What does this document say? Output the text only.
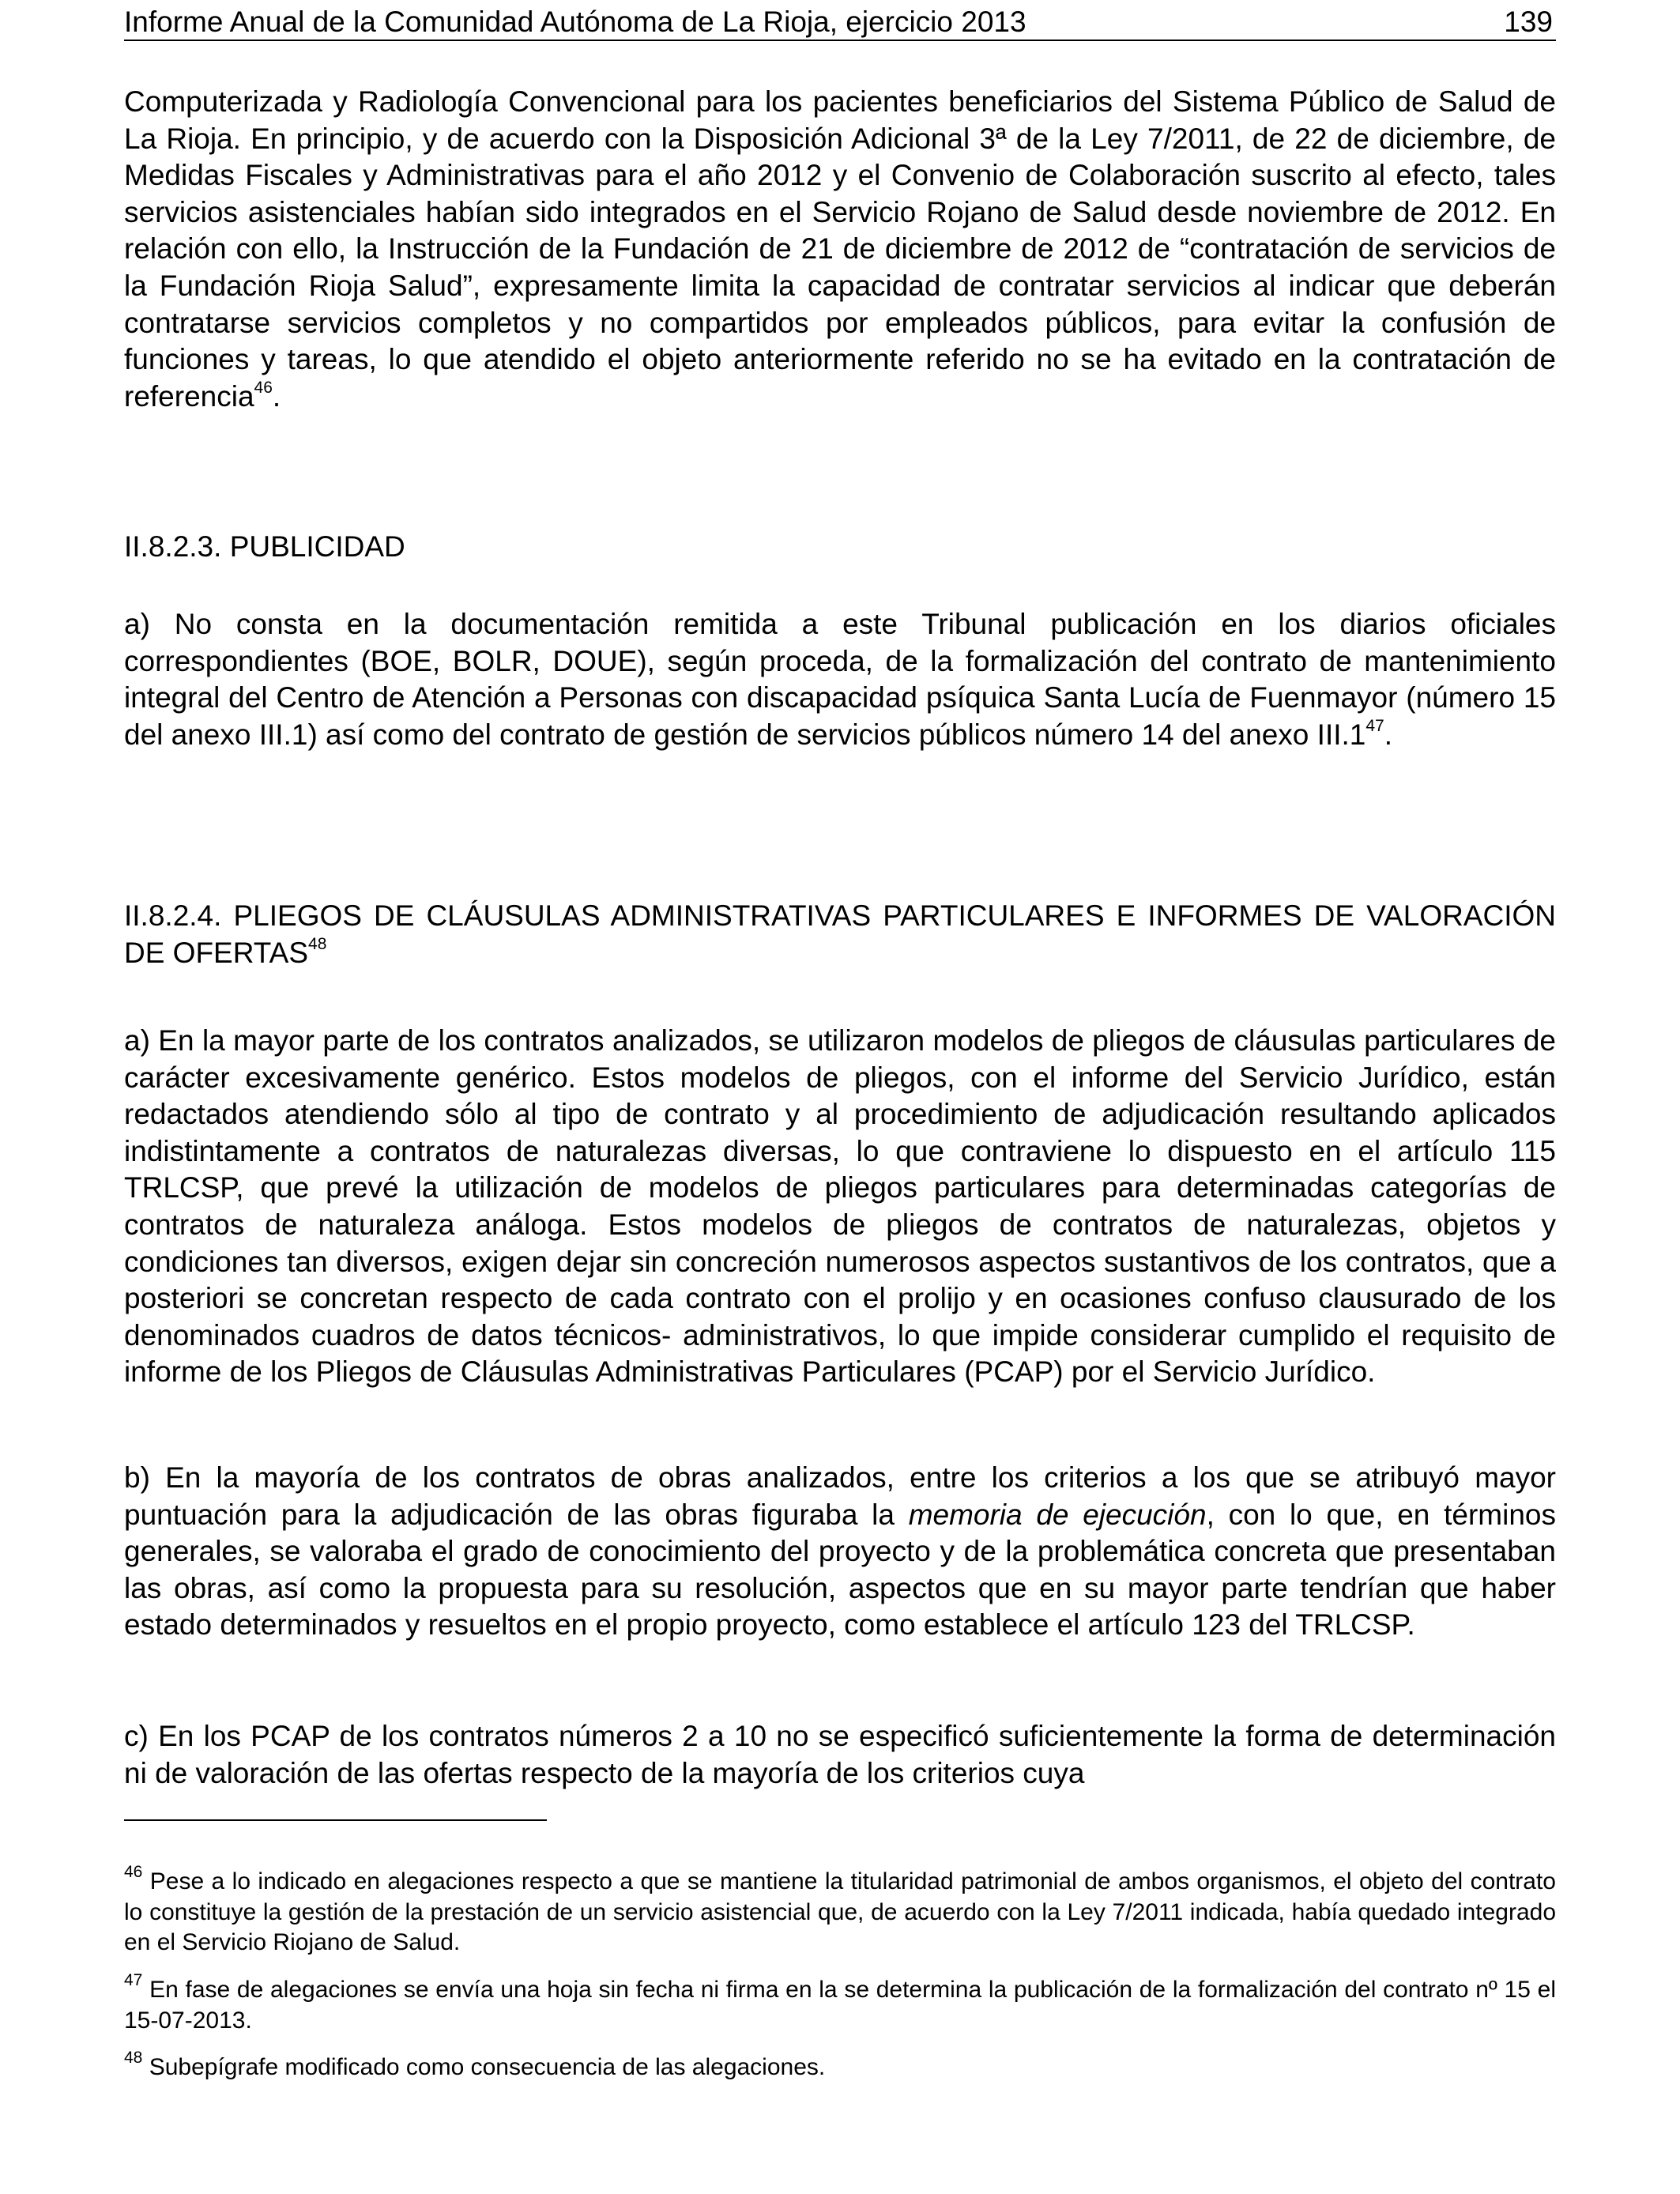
Informe Anual de la Comunidad Autónoma de La Rioja, ejercicio 2013	139

Computerizada y Radiología Convencional para los pacientes beneficiarios del Sistema Público de Salud de La Rioja. En principio, y de acuerdo con la Disposición Adicional 3ª de la Ley 7/2011, de 22 de diciembre, de Medidas Fiscales y Administrativas para el año 2012 y el Convenio de Colaboración suscrito al efecto, tales servicios asistenciales habían sido integrados en el Servicio Rojano de Salud desde noviembre de 2012. En relación con ello, la Instrucción de la Fundación de 21 de diciembre de 2012 de “contratación de servicios de la Fundación Rioja Salud”, expresamente limita la capacidad de contratar servicios al indicar que deberán contratarse servicios completos y no compartidos por empleados públicos, para evitar la confusión de funciones y tareas, lo que atendido el objeto anteriormente referido no se ha evitado en la contratación de referencia$^{46}$.

II.8.2.3. PUBLICIDAD

a) No consta en la documentación remitida a este Tribunal publicación en los diarios oficiales correspondientes (BOE, BOLR, DOUE), según proceda, de la formalización del contrato de mantenimiento integral del Centro de Atención a Personas con discapacidad psíquica Santa Lucía de Fuenmayor (número 15 del anexo III.1) así como del contrato de gestión de servicios públicos número 14 del anexo III.1$^{47}$.

II.8.2.4. PLIEGOS DE CLÁUSULAS ADMINISTRATIVAS PARTICULARES E INFORMES DE VALORACIÓN DE OFERTAS$^{48}$

a) En la mayor parte de los contratos analizados, se utilizaron modelos de pliegos de cláusulas particulares de carácter excesivamente genérico. Estos modelos de pliegos, con el informe del Servicio Jurídico, están redactados atendiendo sólo al tipo de contrato y al procedimiento de adjudicación resultando aplicados indistintamente a contratos de naturalezas diversas, lo que contraviene lo dispuesto en el artículo 115 TRLCSP, que prevé la utilización de modelos de pliegos particulares para determinadas categorías de contratos de naturaleza análoga. Estos modelos de pliegos de contratos de naturalezas, objetos y condiciones tan diversos, exigen dejar sin concreción numerosos aspectos sustantivos de los contratos, que a posteriori se concretan respecto de cada contrato con el prolijo y en ocasiones confuso clausurado de los denominados cuadros de datos técnicos- administrativos, lo que impide considerar cumplido el requisito de informe de los Pliegos de Cláusulas Administrativas Particulares (PCAP) por el Servicio Jurídico.

b) En la mayoría de los contratos de obras analizados, entre los criterios a los que se atribuyó mayor puntuación para la adjudicación de las obras figuraba la memoria de ejecución, con lo que, en términos generales, se valoraba el grado de conocimiento del proyecto y de la problemática concreta que presentaban las obras, así como la propuesta para su resolución, aspectos que en su mayor parte tendrían que haber estado determinados y resueltos en el propio proyecto, como establece el artículo 123 del TRLCSP.

c) En los PCAP de los contratos números 2 a 10 no se especificó suficientemente la forma de determinación ni de valoración de las ofertas respecto de la mayoría de los criterios cuya

$^{46}$ Pese a lo indicado en alegaciones respecto a que se mantiene la titularidad patrimonial de ambos organismos, el objeto del contrato lo constituye la gestión de la prestación de un servicio asistencial que, de acuerdo con la Ley 7/2011 indicada, había quedado integrado en el Servicio Riojano de Salud.

$^{47}$ En fase de alegaciones se envía una hoja sin fecha ni firma en la se determina la publicación de la formalización del contrato nº 15 el 15-07-2013.

$^{48}$ Subepígrafe modificado como consecuencia de las alegaciones.
